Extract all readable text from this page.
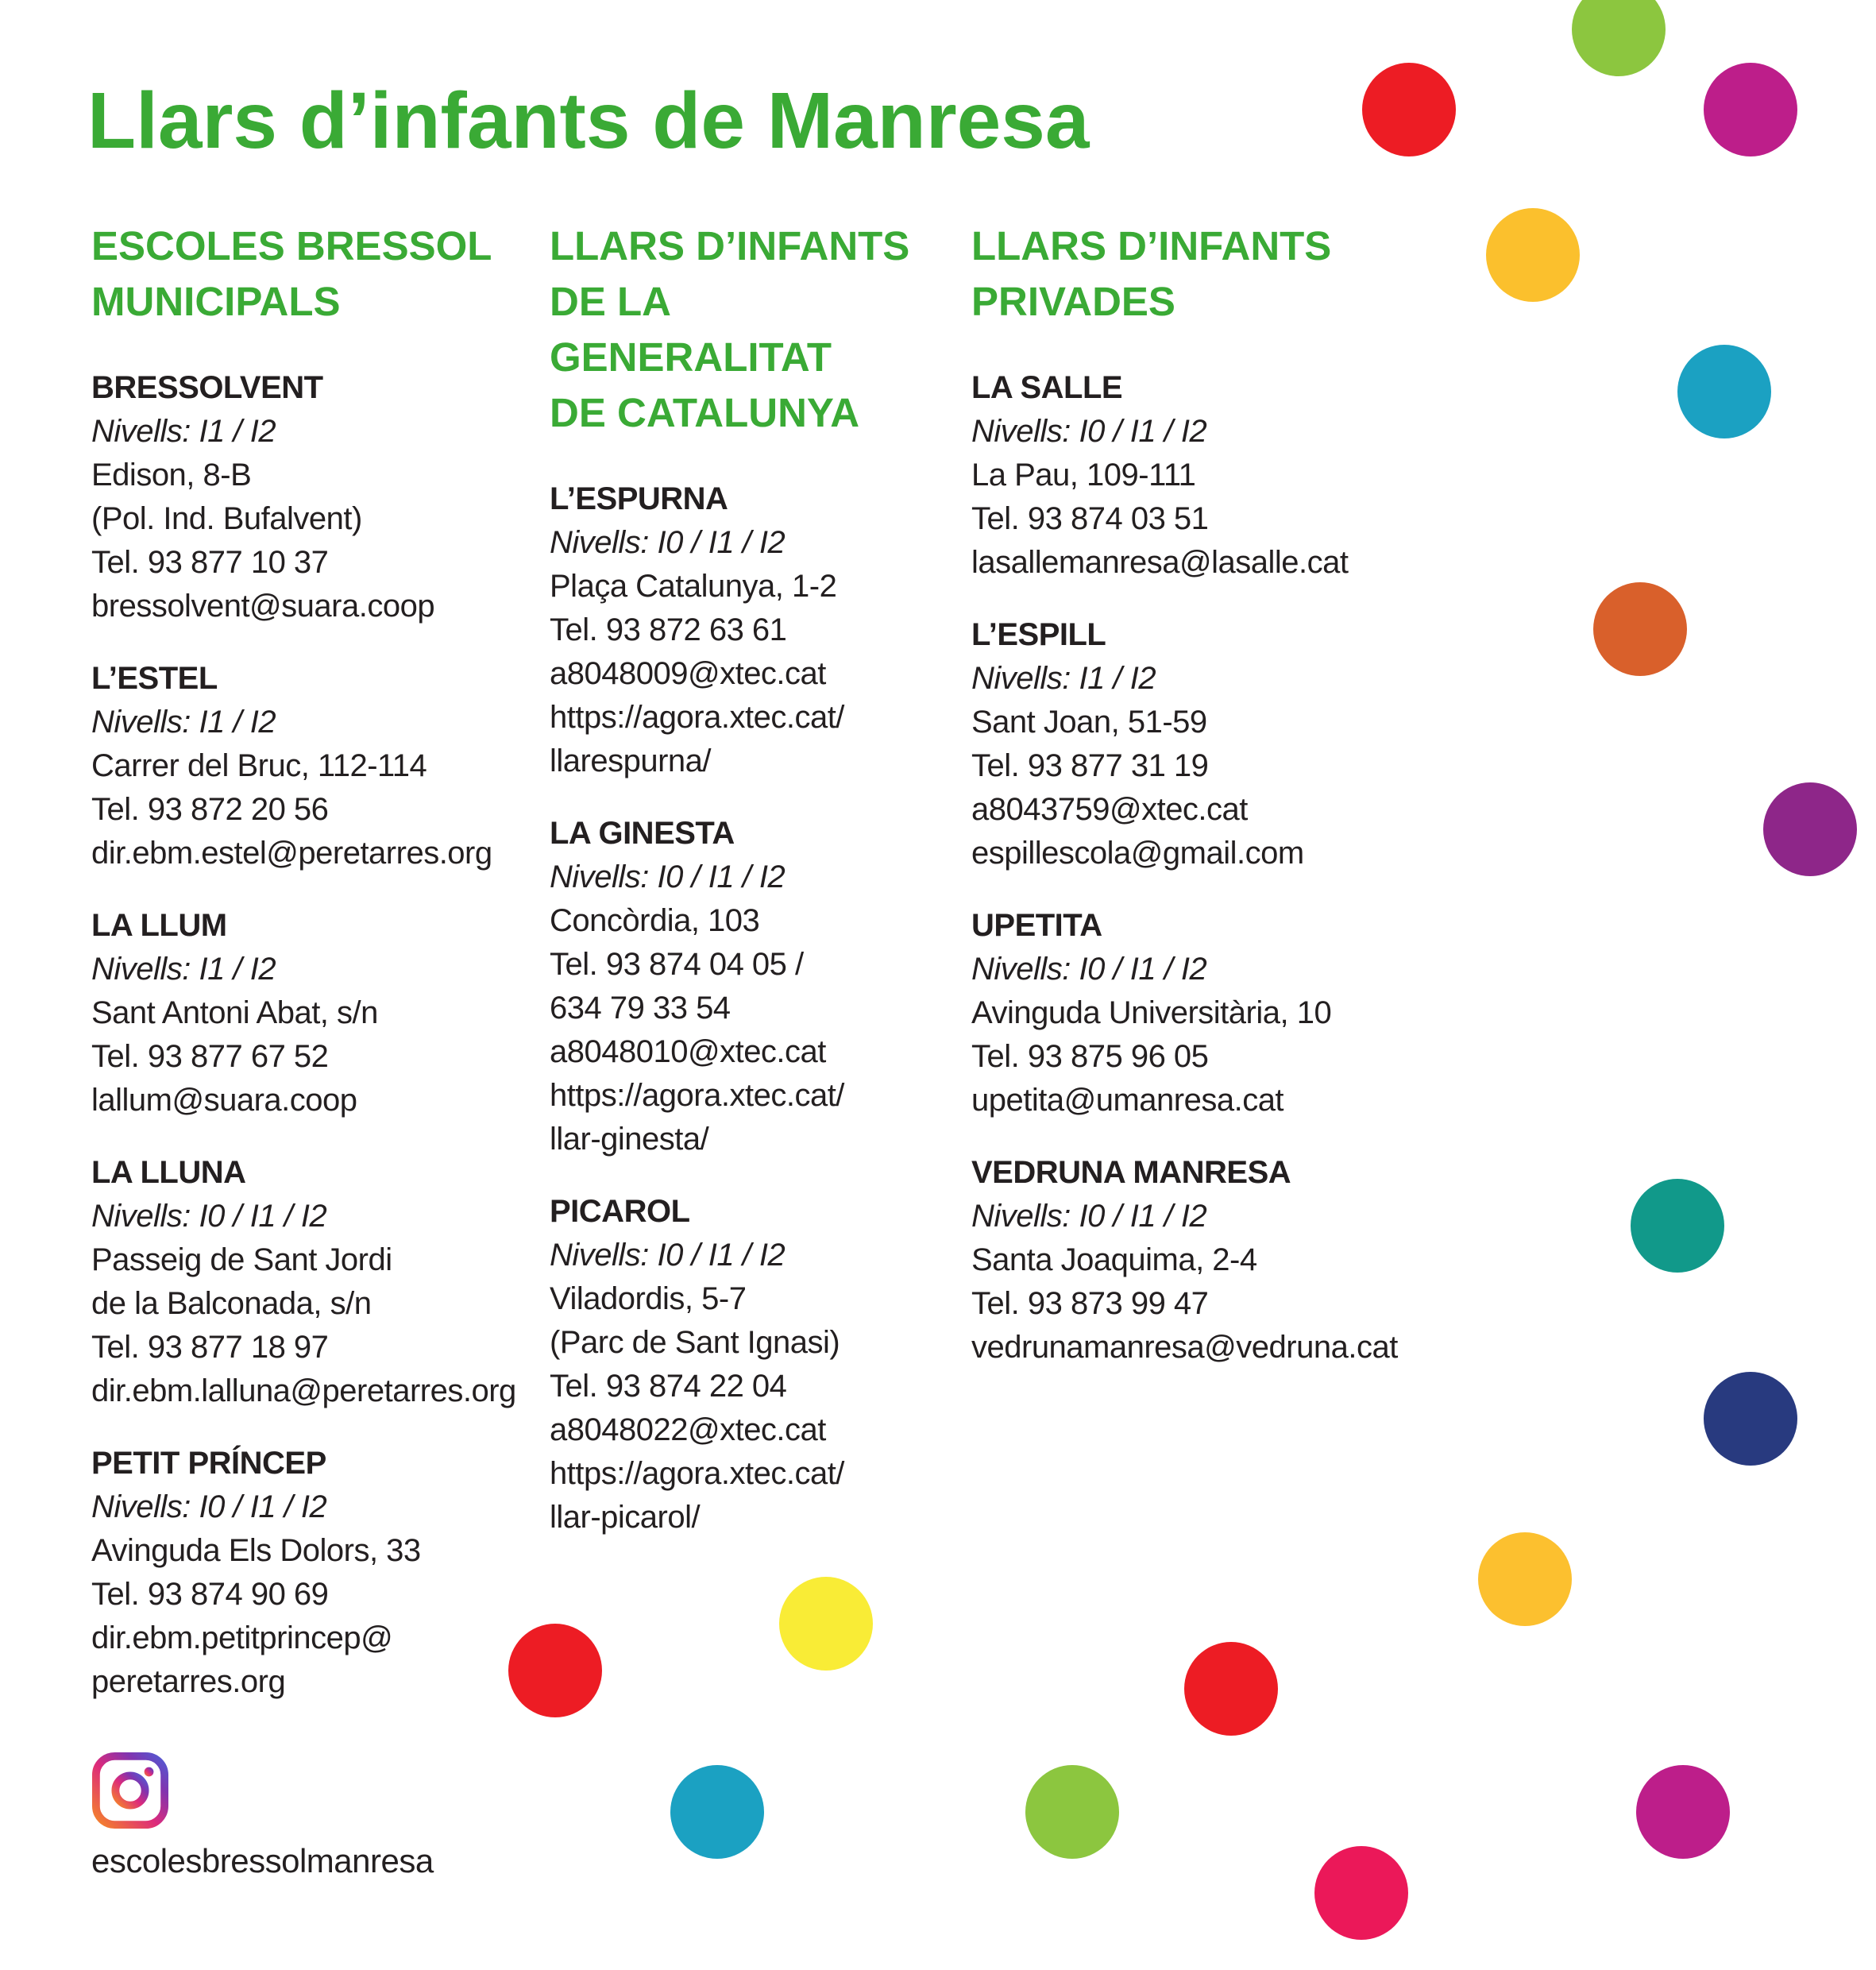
Llars d’infants de Manresa
ESCOLES BRESSOL
MUNICIPALS
BRESSOLVENT
Nivells: I1 / I2
Edison, 8-B
(Pol. Ind. Bufalvent)
Tel. 93 877 10 37
bressolvent@suara.coop
L’ESTEL
Nivells: I1 / I2
Carrer del Bruc, 112-114
Tel. 93 872 20 56
dir.ebm.estel@peretarres.org
LA LLUM
Nivells: I1 / I2
Sant Antoni Abat, s/n
Tel. 93 877 67 52
lallum@suara.coop
LA LLUNA
Nivells: I0 / I1 / I2
Passeig de Sant Jordi
de la Balconada, s/n
Tel. 93 877 18 97
dir.ebm.lalluna@peretarres.org
PETIT PRÍNCEP
Nivells: I0 / I1 / I2
Avinguda Els Dolors, 33
Tel. 93 874 90 69
dir.ebm.petitprincep@
peretarres.org
LLARS D’INFANTS
DE LA
GENERALITAT
DE CATALUNYA
L’ESPURNA
Nivells: I0 / I1 / I2
Plaça Catalunya, 1-2
Tel. 93 872 63 61
a8048009@xtec.cat
https://agora.xtec.cat/
llarespurna/
LA GINESTA
Nivells: I0 / I1 / I2
Concòrdia, 103
Tel. 93 874 04 05 /
634 79 33 54
a8048010@xtec.cat
https://agora.xtec.cat/
llar-ginesta/
PICAROL
Nivells: I0 / I1 / I2
Viladordis, 5-7
(Parc de Sant Ignasi)
Tel. 93 874 22 04
a8048022@xtec.cat
https://agora.xtec.cat/
llar-picarol/
LLARS D’INFANTS
PRIVADES
LA SALLE
Nivells: I0 / I1 / I2
La Pau, 109-111
Tel. 93 874 03 51
lasallemanresa@lasalle.cat
L’ESPILL
Nivells: I1 / I2
Sant Joan, 51-59
Tel. 93 877 31 19
a8043759@xtec.cat
espillescola@gmail.com
UPETITA
Nivells: I0 / I1 / I2
Avinguda Universitària, 10
Tel. 93 875 96 05
upetita@umanresa.cat
VEDRUNA MANRESA
Nivells: I0 / I1 / I2
Santa Joaquima, 2-4
Tel. 93 873 99 47
vedrunamanresa@vedruna.cat
escolesbressolmanresa
